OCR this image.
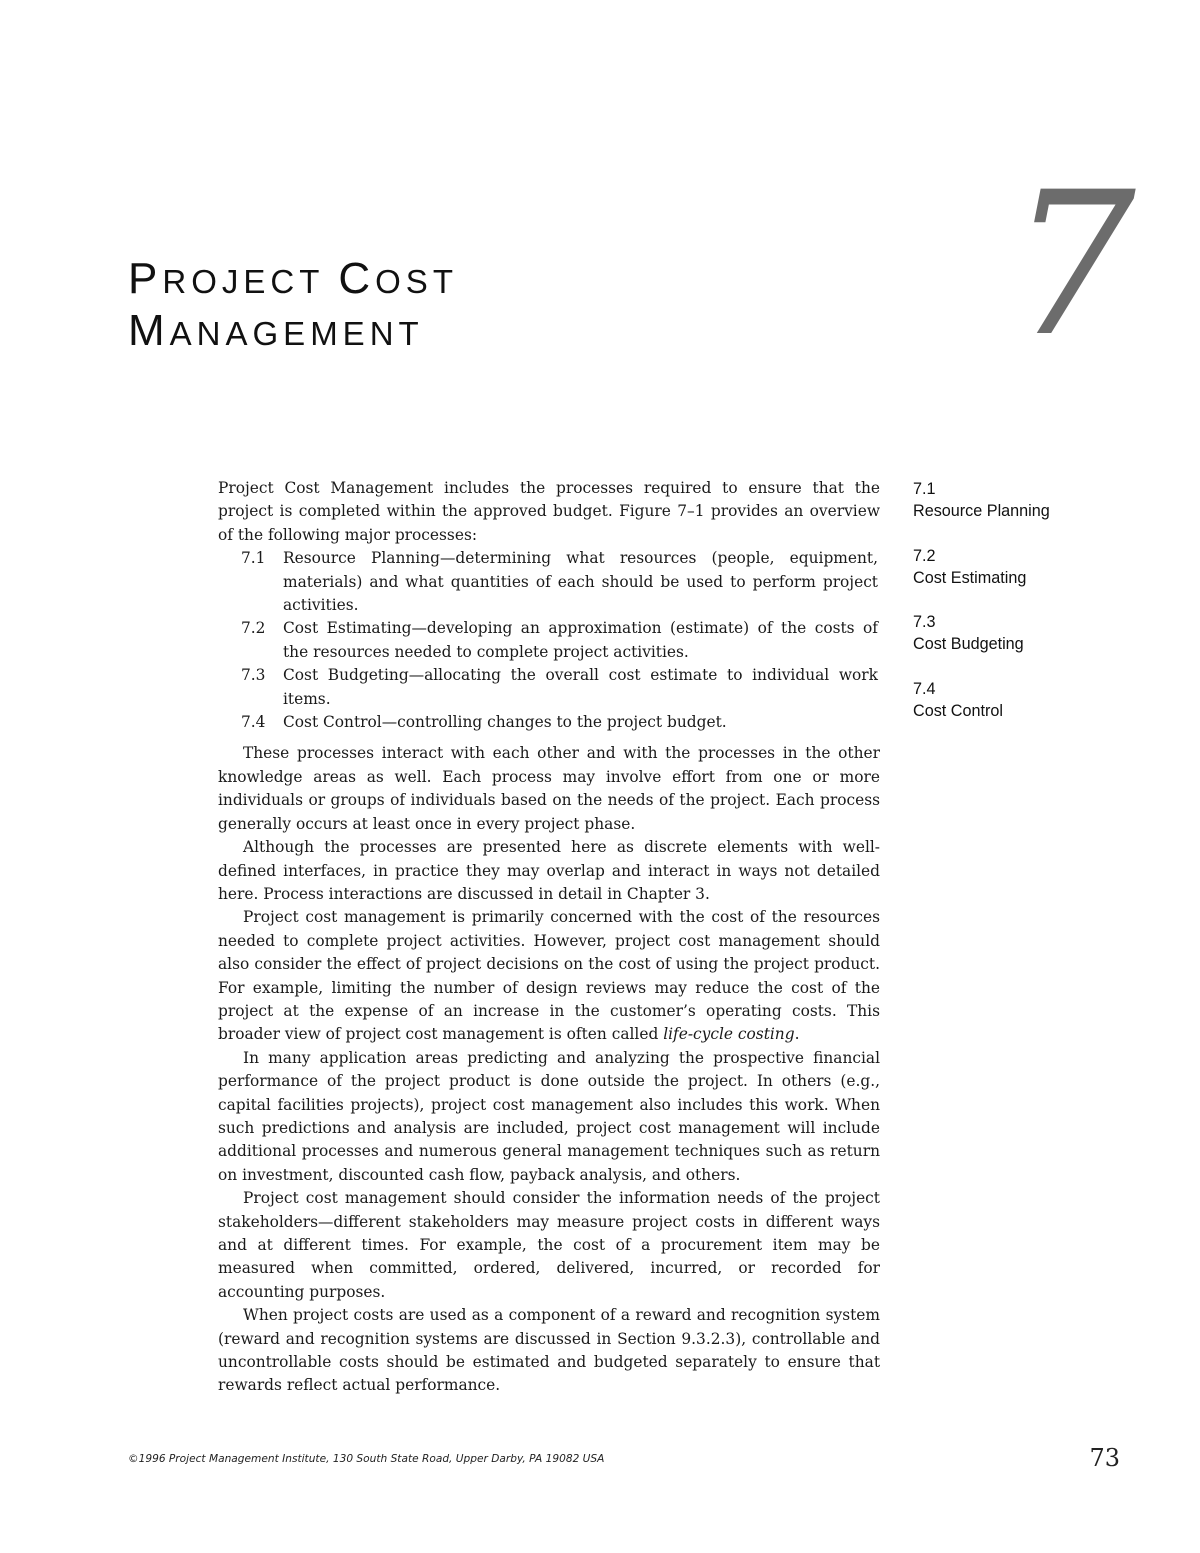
PROJECT COST
MANAGEMENT	7

Project Cost Management includes the processes required to ensure that the project is completed within the approved budget. Figure 7–1 provides an overview of the following major processes:

7.1 Resource Planning—determining what resources (people, equipment, materials) and what quantities of each should be used to perform project activities.
7.2 Cost Estimating—developing an approximation (estimate) of the costs of the resources needed to complete project activities.
7.3 Cost Budgeting—allocating the overall cost estimate to individual work items.
7.4 Cost Control—controlling changes to the project budget.

These processes interact with each other and with the processes in the other knowledge areas as well. Each process may involve effort from one or more individuals or groups of individuals based on the needs of the project. Each process generally occurs at least once in every project phase.

Although the processes are presented here as discrete elements with well-defined interfaces, in practice they may overlap and interact in ways not detailed here. Process interactions are discussed in detail in Chapter 3.

Project cost management is primarily concerned with the cost of the resources needed to complete project activities. However, project cost management should also consider the effect of project decisions on the cost of using the project product. For example, limiting the number of design reviews may reduce the cost of the project at the expense of an increase in the customer’s operating costs. This broader view of project cost management is often called life-cycle costing.

In many application areas predicting and analyzing the prospective financial performance of the project product is done outside the project. In others (e.g., capital facilities projects), project cost management also includes this work. When such predictions and analysis are included, project cost management will include additional processes and numerous general management techniques such as return on investment, discounted cash flow, payback analysis, and others.

Project cost management should consider the information needs of the project stakeholders—different stakeholders may measure project costs in different ways and at different times. For example, the cost of a procurement item may be measured when committed, ordered, delivered, incurred, or recorded for accounting purposes.

When project costs are used as a component of a reward and recognition system (reward and recognition systems are discussed in Section 9.3.2.3), controllable and uncontrollable costs should be estimated and budgeted separately to ensure that rewards reflect actual performance.

7.1
Resource Planning
7.2
Cost Estimating
7.3
Cost Budgeting
7.4
Cost Control
©1996 Project Management Institute, 130 South State Road, Upper Darby, PA 19082 USA	73
